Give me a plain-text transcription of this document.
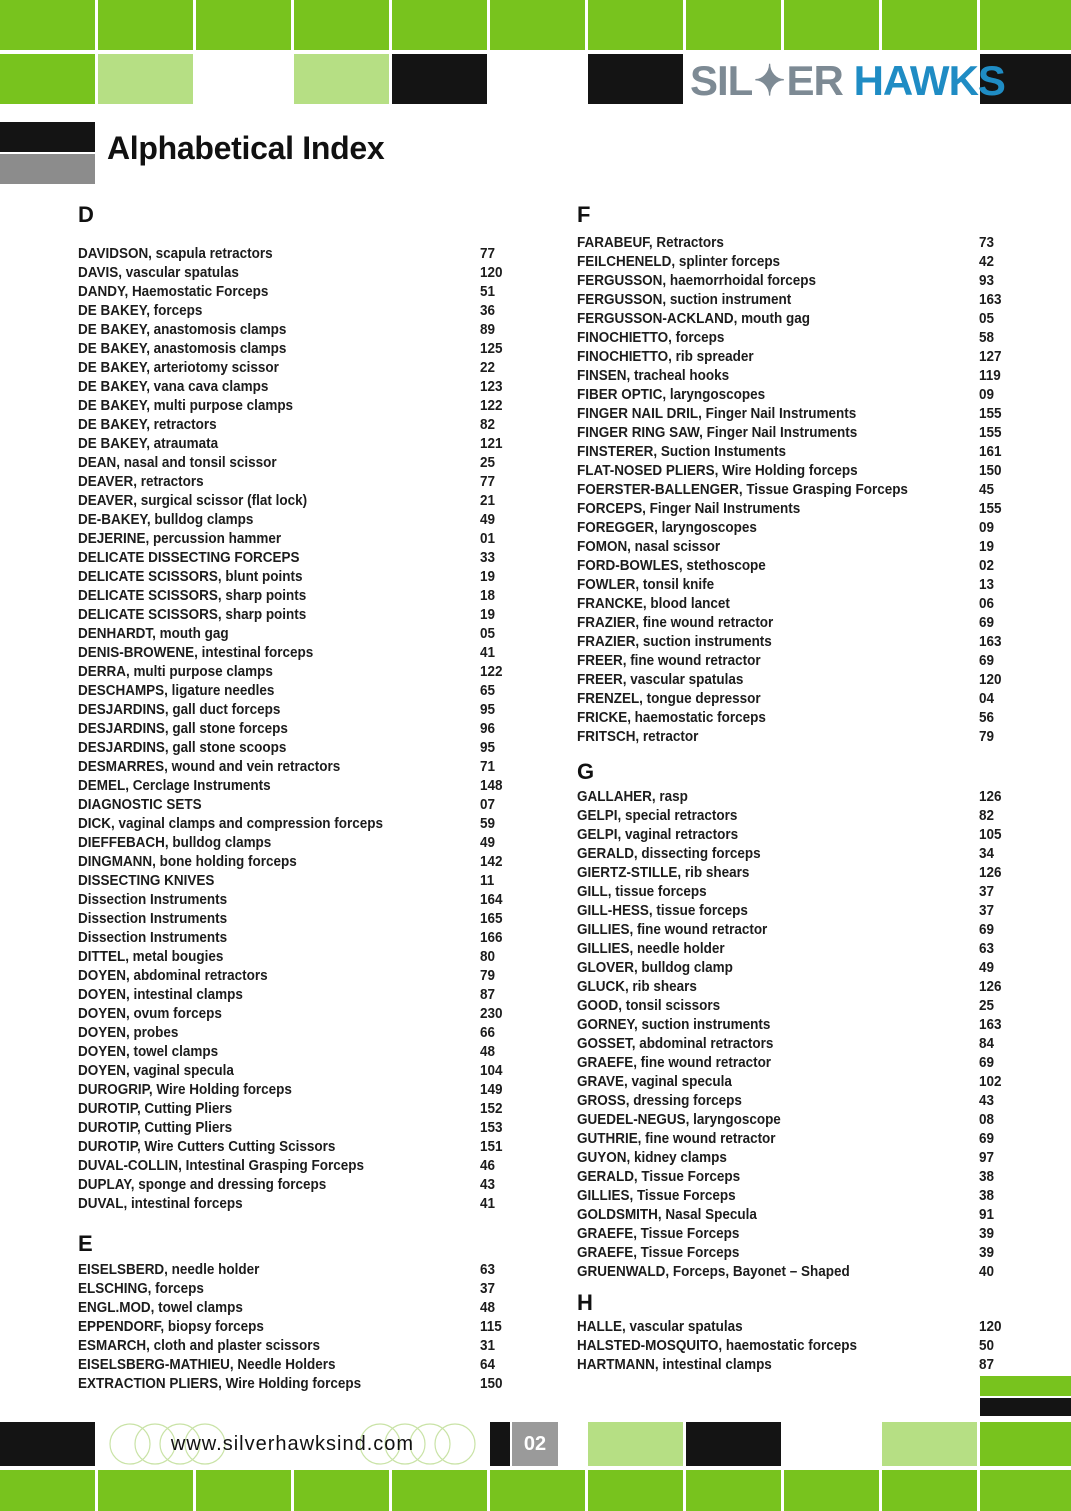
SIL✦ER HAWKS
Alphabetical Index
D
DAVIDSON, scapula retractors	77
DAVIS, vascular spatulas	120
DANDY, Haemostatic Forceps	51
DE BAKEY, forceps	36
DE BAKEY, anastomosis clamps	89
DE BAKEY, anastomosis clamps	125
DE BAKEY, arteriotomy scissor	22
DE BAKEY, vana cava clamps	123
DE BAKEY, multi purpose clamps	122
DE BAKEY, retractors	82
DE BAKEY, atraumata	121
DEAN, nasal and tonsil scissor	25
DEAVER, retractors	77
DEAVER, surgical scissor (flat lock)	21
DE-BAKEY, bulldog clamps	49
DEJERINE, percussion hammer	01
DELICATE DISSECTING FORCEPS	33
DELICATE SCISSORS, blunt points	19
DELICATE SCISSORS, sharp points	18
DELICATE SCISSORS, sharp points	19
DENHARDT, mouth gag	05
DENIS-BROWENE, intestinal forceps	41
DERRA, multi purpose clamps	122
DESCHAMPS, ligature needles	65
DESJARDINS, gall duct forceps	95
DESJARDINS, gall stone forceps	96
DESJARDINS, gall stone scoops	95
DESMARRES, wound and vein retractors	71
DEMEL, Cerclage Instruments	148
DIAGNOSTIC SETS	07
DICK, vaginal clamps and compression forceps	59
DIEFFEBACH, bulldog clamps	49
DINGMANN, bone holding forceps	142
DISSECTING KNIVES	11
Dissection Instruments	164
Dissection Instruments	165
Dissection Instruments	166
DITTEL, metal bougies	80
DOYEN, abdominal retractors	79
DOYEN, intestinal clamps	87
DOYEN, ovum forceps	230
DOYEN, probes	66
DOYEN, towel clamps	48
DOYEN, vaginal specula	104
DUROGRIP, Wire Holding forceps	149
DUROTIP, Cutting Pliers	152
DUROTIP, Cutting Pliers	153
DUROTIP, Wire Cutters Cutting Scissors	151
DUVAL-COLLIN, Intestinal Grasping Forceps	46
DUPLAY, sponge and dressing forceps	43
DUVAL, intestinal forceps	41
E
EISELSBERD, needle holder	63
ELSCHING, forceps	37
ENGL.MOD, towel clamps	48
EPPENDORF, biopsy forceps	115
ESMARCH, cloth and plaster scissors	31
EISELSBERG-MATHIEU, Needle Holders	64
EXTRACTION PLIERS, Wire Holding forceps	150
F
FARABEUF, Retractors	73
FEILCHENELD, splinter forceps	42
FERGUSSON, haemorrhoidal forceps	93
FERGUSSON, suction instrument	163
FERGUSSON-ACKLAND, mouth gag	05
FINOCHIETTO, forceps	58
FINOCHIETTO, rib spreader	127
FINSEN, tracheal hooks	119
FIBER OPTIC, laryngoscopes	09
FINGER NAIL DRIL, Finger Nail Instruments	155
FINGER RING SAW, Finger Nail Instruments	155
FINSTERER, Suction Instuments	161
FLAT-NOSED PLIERS, Wire Holding forceps	150
FOERSTER-BALLENGER, Tissue Grasping Forceps	45
FORCEPS, Finger Nail Instruments	155
FOREGGER, laryngoscopes	09
FOMON, nasal scissor	19
FORD-BOWLES, stethoscope	02
FOWLER, tonsil knife	13
FRANCKE, blood lancet	06
FRAZIER, fine wound retractor	69
FRAZIER, suction instruments	163
FREER, fine wound retractor	69
FREER, vascular spatulas	120
FRENZEL, tongue depressor	04
FRICKE, haemostatic forceps	56
FRITSCH, retractor	79
G
GALLAHER, rasp	126
GELPI, special retractors	82
GELPI, vaginal retractors	105
GERALD, dissecting forceps	34
GIERTZ-STILLE, rib shears	126
GILL, tissue forceps	37
GILL-HESS, tissue forceps	37
GILLIES, fine wound retractor	69
GILLIES, needle holder	63
GLOVER, bulldog clamp	49
GLUCK, rib shears	126
GOOD, tonsil scissors	25
GORNEY, suction instruments	163
GOSSET, abdominal retractors	84
GRAEFE, fine wound retractor	69
GRAVE, vaginal specula	102
GROSS, dressing forceps	43
GUEDEL-NEGUS, laryngoscope	08
GUTHRIE, fine wound retractor	69
GUYON, kidney clamps	97
GERALD, Tissue Forceps	38
GILLIES, Tissue Forceps	38
GOLDSMITH, Nasal Specula	91
GRAEFE, Tissue Forceps	39
GRAEFE, Tissue Forceps	39
GRUENWALD, Forceps, Bayonet – Shaped	40
H
HALLE, vascular spatulas	120
HALSTED-MOSQUITO, haemostatic forceps	50
HARTMANN, intestinal clamps	87
www.silverhawksind.com	02
